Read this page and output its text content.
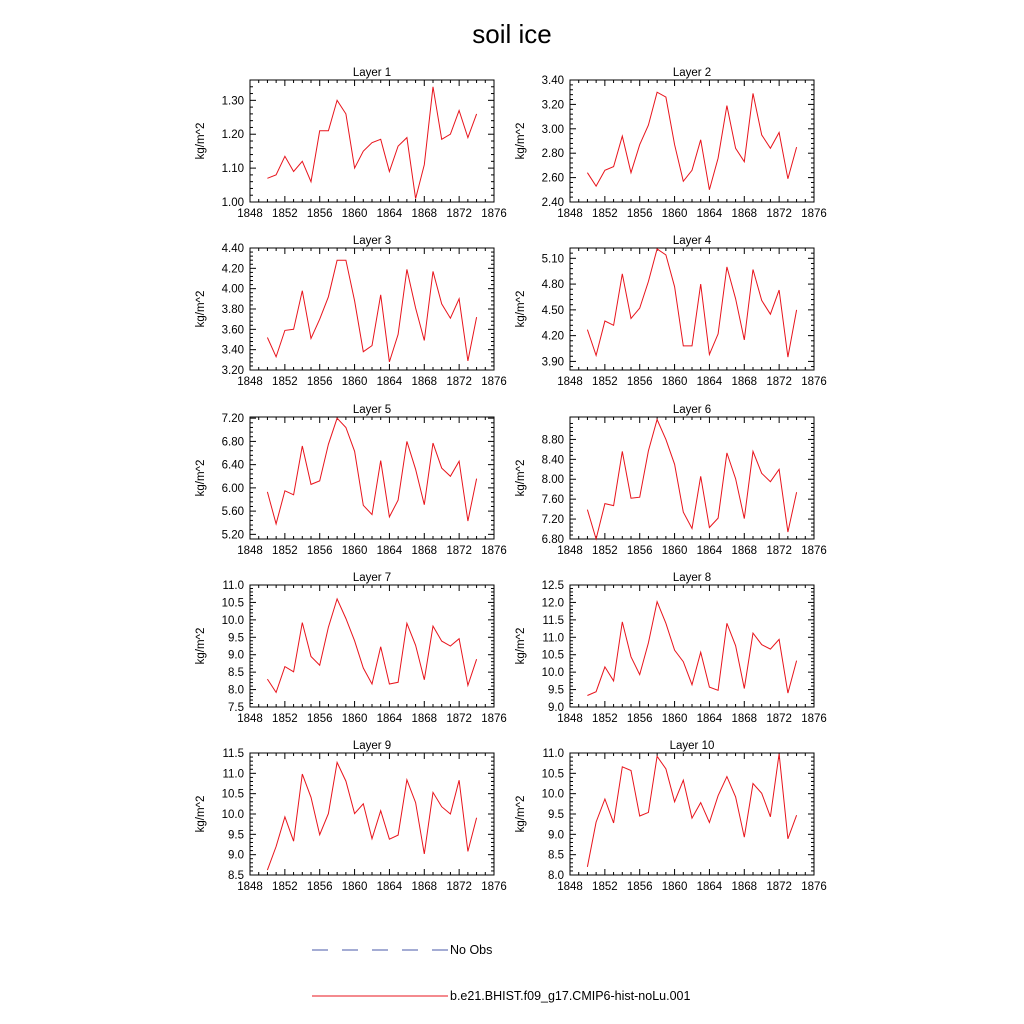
soil ice
Layer 1
1848 1852 1856 1860 1864 1868 1872 1876
1.00
1.10
1.20
1.30
kg/m^2
Layer 2
1848 1852 1856 1860 1864 1868 1872 1876
2.40
2.60
2.80
3.00
3.20
3.40
kg/m^2
Layer 3
1848 1852 1856 1860 1864 1868 1872 1876
3.20
3.40
3.60
3.80
4.00
4.20
4.40
kg/m^2
Layer 4
1848 1852 1856 1860 1864 1868 1872 1876
3.90
4.20
4.50
4.80
5.10
kg/m^2
Layer 5
1848 1852 1856 1860 1864 1868 1872 1876
5.20
5.60
6.00
6.40
6.80
7.20
kg/m^2
Layer 6
1848 1852 1856 1860 1864 1868 1872 1876
6.80
7.20
7.60
8.00
8.40
8.80
kg/m^2
Layer 7
1848 1852 1856 1860 1864 1868 1872 1876
7.5
8.0
8.5
9.0
9.5
10.0
10.5
11.0
kg/m^2
Layer 8
1848 1852 1856 1860 1864 1868 1872 1876
9.0
9.5
10.0
10.5
11.0
11.5
12.0
12.5
kg/m^2
Layer 9
1848 1852 1856 1860 1864 1868 1872 1876
8.5
9.0
9.5
10.0
10.5
11.0
11.5
kg/m^2
Layer 10
1848 1852 1856 1860 1864 1868 1872 1876
8.0
8.5
9.0
9.5
10.0
10.5
11.0
kg/m^2
No Obs
b.e21.BHIST.f09_g17.CMIP6-hist-noLu.001
